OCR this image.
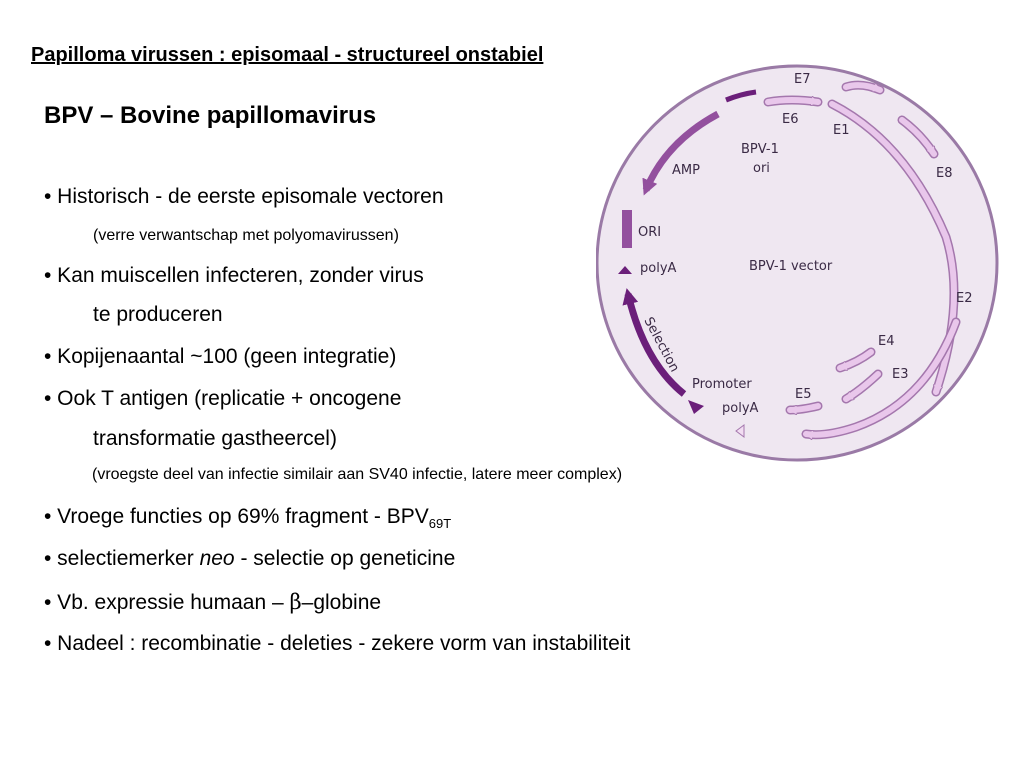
Papilloma virussen : episomaal - structureel onstabiel
BPV – Bovine papillomavirus
• Historisch - de eerste episomale vectoren
(verre verwantschap met polyomavirussen)
• Kan muiscellen infecteren, zonder virus
te produceren
• Kopijenaantal ~100 (geen integratie)
• Ook T antigen (replicatie + oncogene
transformatie gastheercel)
(vroegste deel van infectie similair aan SV40 infectie, latere meer complex)
• Vroege functies op 69% fragment - $BPV_{69T}$
• selectiemerker neo - selectie op geneticine
• Vb. expressie humaan – β–globine
• Nadeel : recombinatie - deleties - zekere vorm van instabiliteit
E7
E6
E1
E8
E2
E4
E3
E5
BPV-1
ori
AMP
ORI
polyA	BPV-1 vector
Selection
Promoter
polyA
